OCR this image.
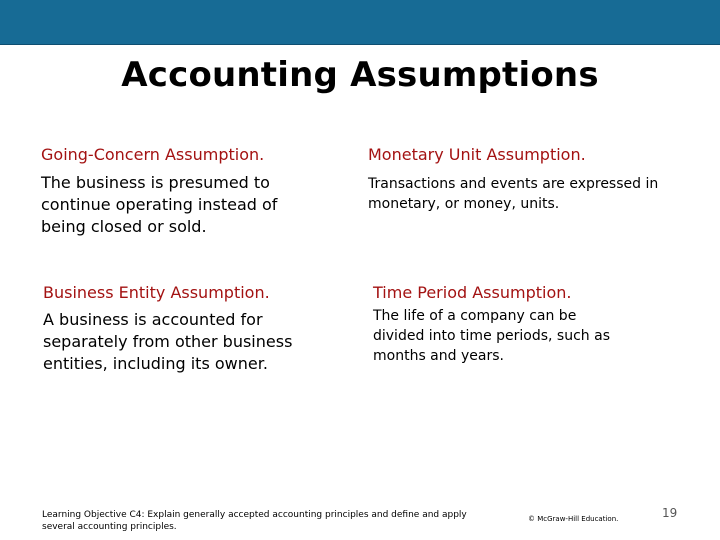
Accounting Assumptions
Going-Concern Assumption.
The business is presumed to continue operating instead of being closed or sold.
Monetary Unit Assumption.
Transactions and events are expressed in monetary, or money, units.
Business Entity Assumption.
A business is accounted for separately from other business entities, including its owner.
Time Period Assumption.
The life of a company can be divided into time periods, such as months and years.
Learning Objective C4: Explain generally accepted accounting principles and define and apply several accounting principles.
© McGraw-Hill Education.	19
